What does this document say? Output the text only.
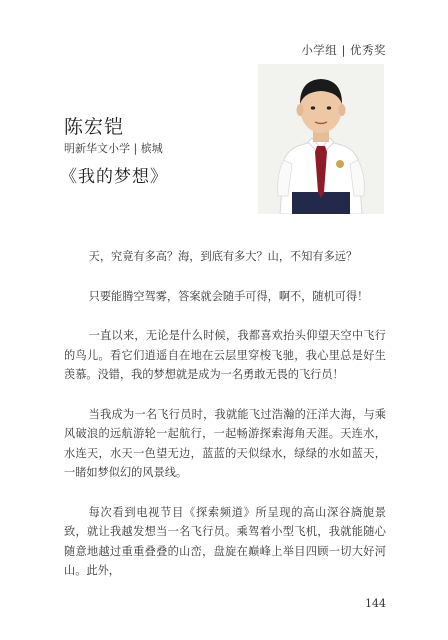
小学组 | 优秀奖
陈宏铠
明新华文小学 | 槟城
《我的梦想》

天，究竟有多高？海，到底有多大？山，不知有多远？

只要能腾空驾雾，答案就会随手可得，啊不，随机可得！

一直以来，无论是什么时候，我都喜欢抬头仰望天空中飞行的鸟儿。看它们逍遥自在地在云层里穿梭飞驰，我心里总是好生羡慕。没错，我的梦想就是成为一名勇敢无畏的飞行员！

当我成为一名飞行员时，我就能飞过浩瀚的汪洋大海，与乘风破浪的远航游轮一起航行，一起畅游探索海角天涯。天连水，水连天，水天一色望无边，蓝蓝的天似绿水，绿绿的水如蓝天，一睹如梦似幻的风景线。

每次看到电视节目《探索频道》所呈现的高山深谷旖旎景致，就让我越发想当一名飞行员。乘驾着小型飞机，我就能随心随意地越过重重叠叠的山峦，盘旋在巅峰上举目四顾一切大好河山。此外，

144
